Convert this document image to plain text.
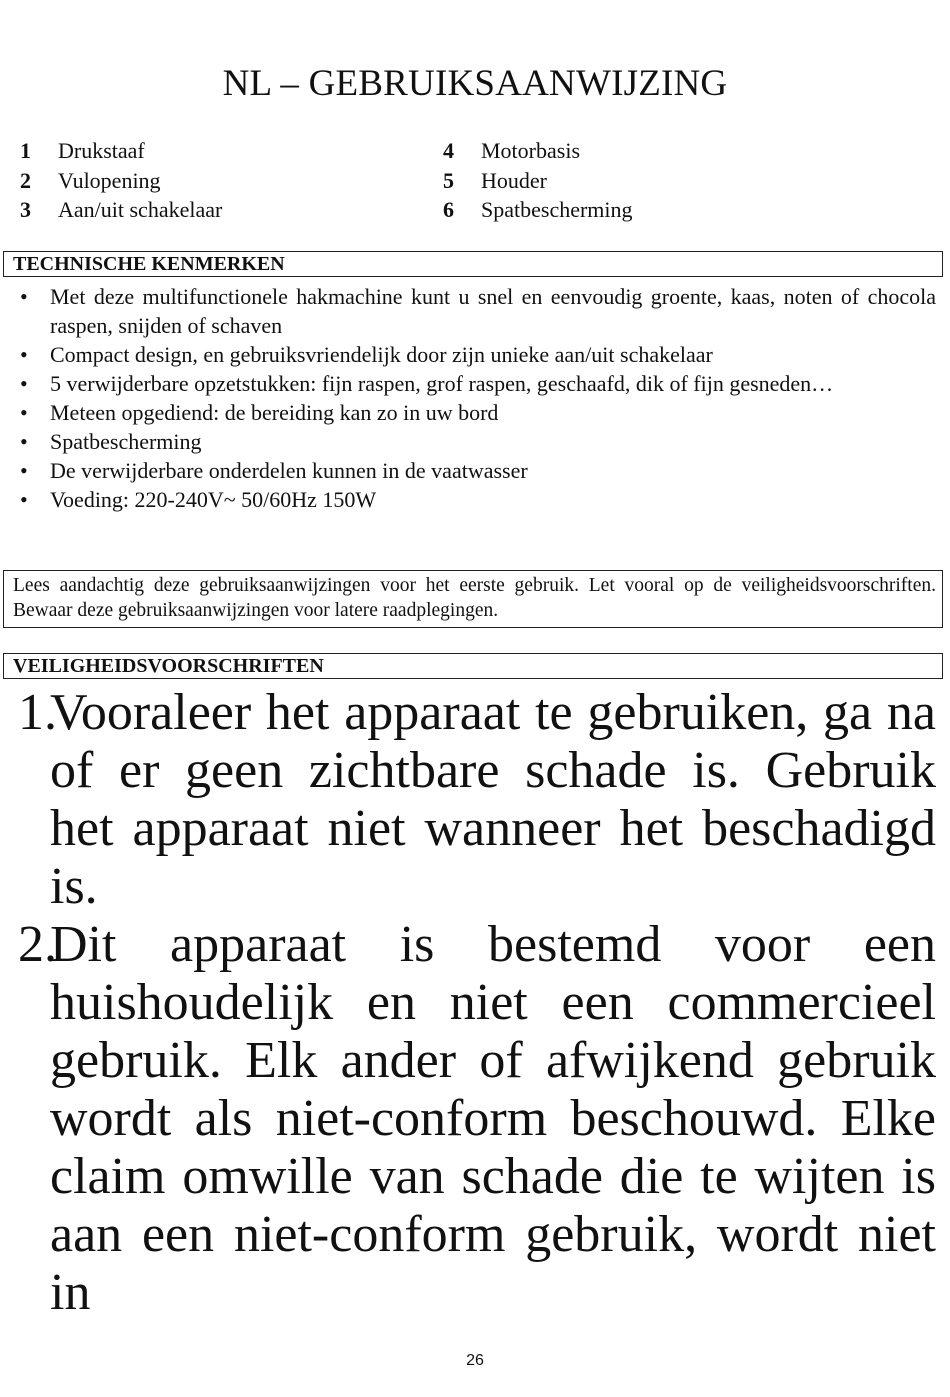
NL – GEBRUIKSAANWIJZING
1	Drukstaaf
2	Vulopening
3	Aan/uit schakelaar
4	Motorbasis
5	Houder
6	Spatbescherming
TECHNISCHE KENMERKEN
• Met deze multifunctionele hakmachine kunt u snel en eenvoudig groente, kaas, noten of chocola raspen, snijden of schaven
• Compact design, en gebruiksvriendelijk door zijn unieke aan/uit schakelaar
• 5 verwijderbare opzetstukken: fijn raspen, grof raspen, geschaafd, dik of fijn gesneden…
• Meteen opgediend: de bereiding kan zo in uw bord
• Spatbescherming
• De verwijderbare onderdelen kunnen in de vaatwasser
• Voeding: 220-240V~ 50/60Hz 150W
Lees aandachtig deze gebruiksaanwijzingen voor het eerste gebruik. Let vooral op de veiligheidsvoorschriften. Bewaar deze gebruiksaanwijzingen voor latere raadplegingen.
VEILIGHEIDSVOORSCHRIFTEN
1.
Vooraleer het apparaat te gebruiken, ga na of er geen zichtbare schade is. Gebruik het apparaat niet wanneer het beschadigd is.
2.
Dit apparaat is bestemd voor een huishoudelijk en niet een commercieel gebruik. Elk ander of afwijkend gebruik wordt als niet-conform beschouwd. Elke claim omwille van schade die te wijten is aan een niet-conform gebruik, wordt niet in
26
